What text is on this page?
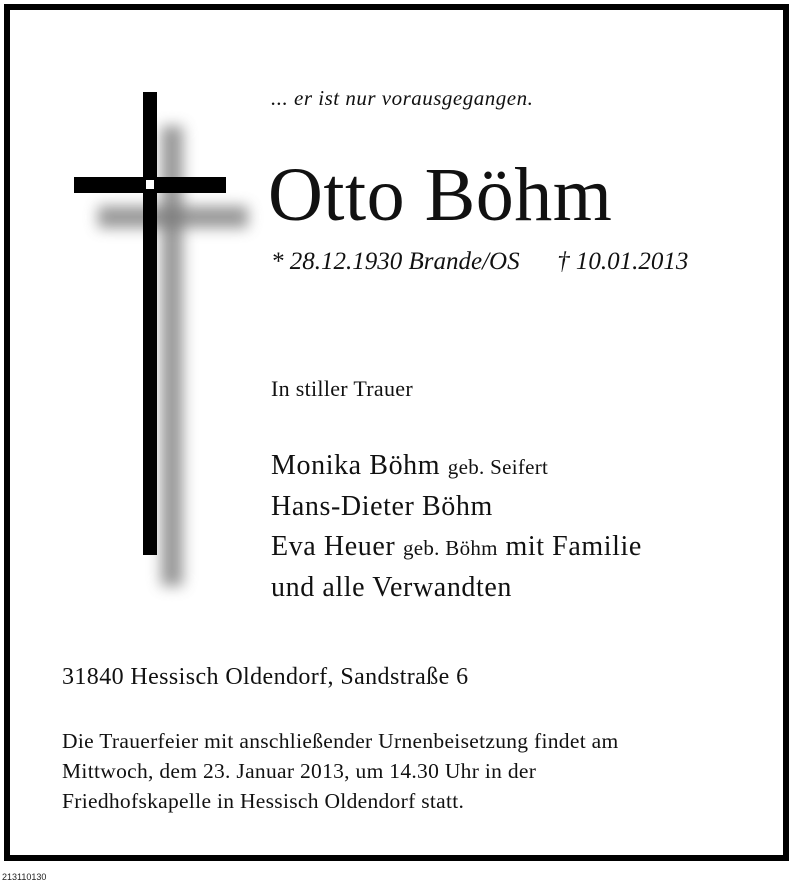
... er ist nur vorausgegangen.
Otto Böhm
* 28.12.1930 Brande/OS † 10.01.2013
In stiller Trauer
Monika Böhm geb. Seifert
Hans-Dieter Böhm
Eva Heuer geb. Böhm mit Familie
und alle Verwandten
31840 Hessisch Oldendorf, Sandstraße 6
Die Trauerfeier mit anschließender Urnenbeisetzung findet am
Mittwoch, dem 23. Januar 2013, um 14.30 Uhr in der
Friedhofskapelle in Hessisch Oldendorf statt.
213110130
